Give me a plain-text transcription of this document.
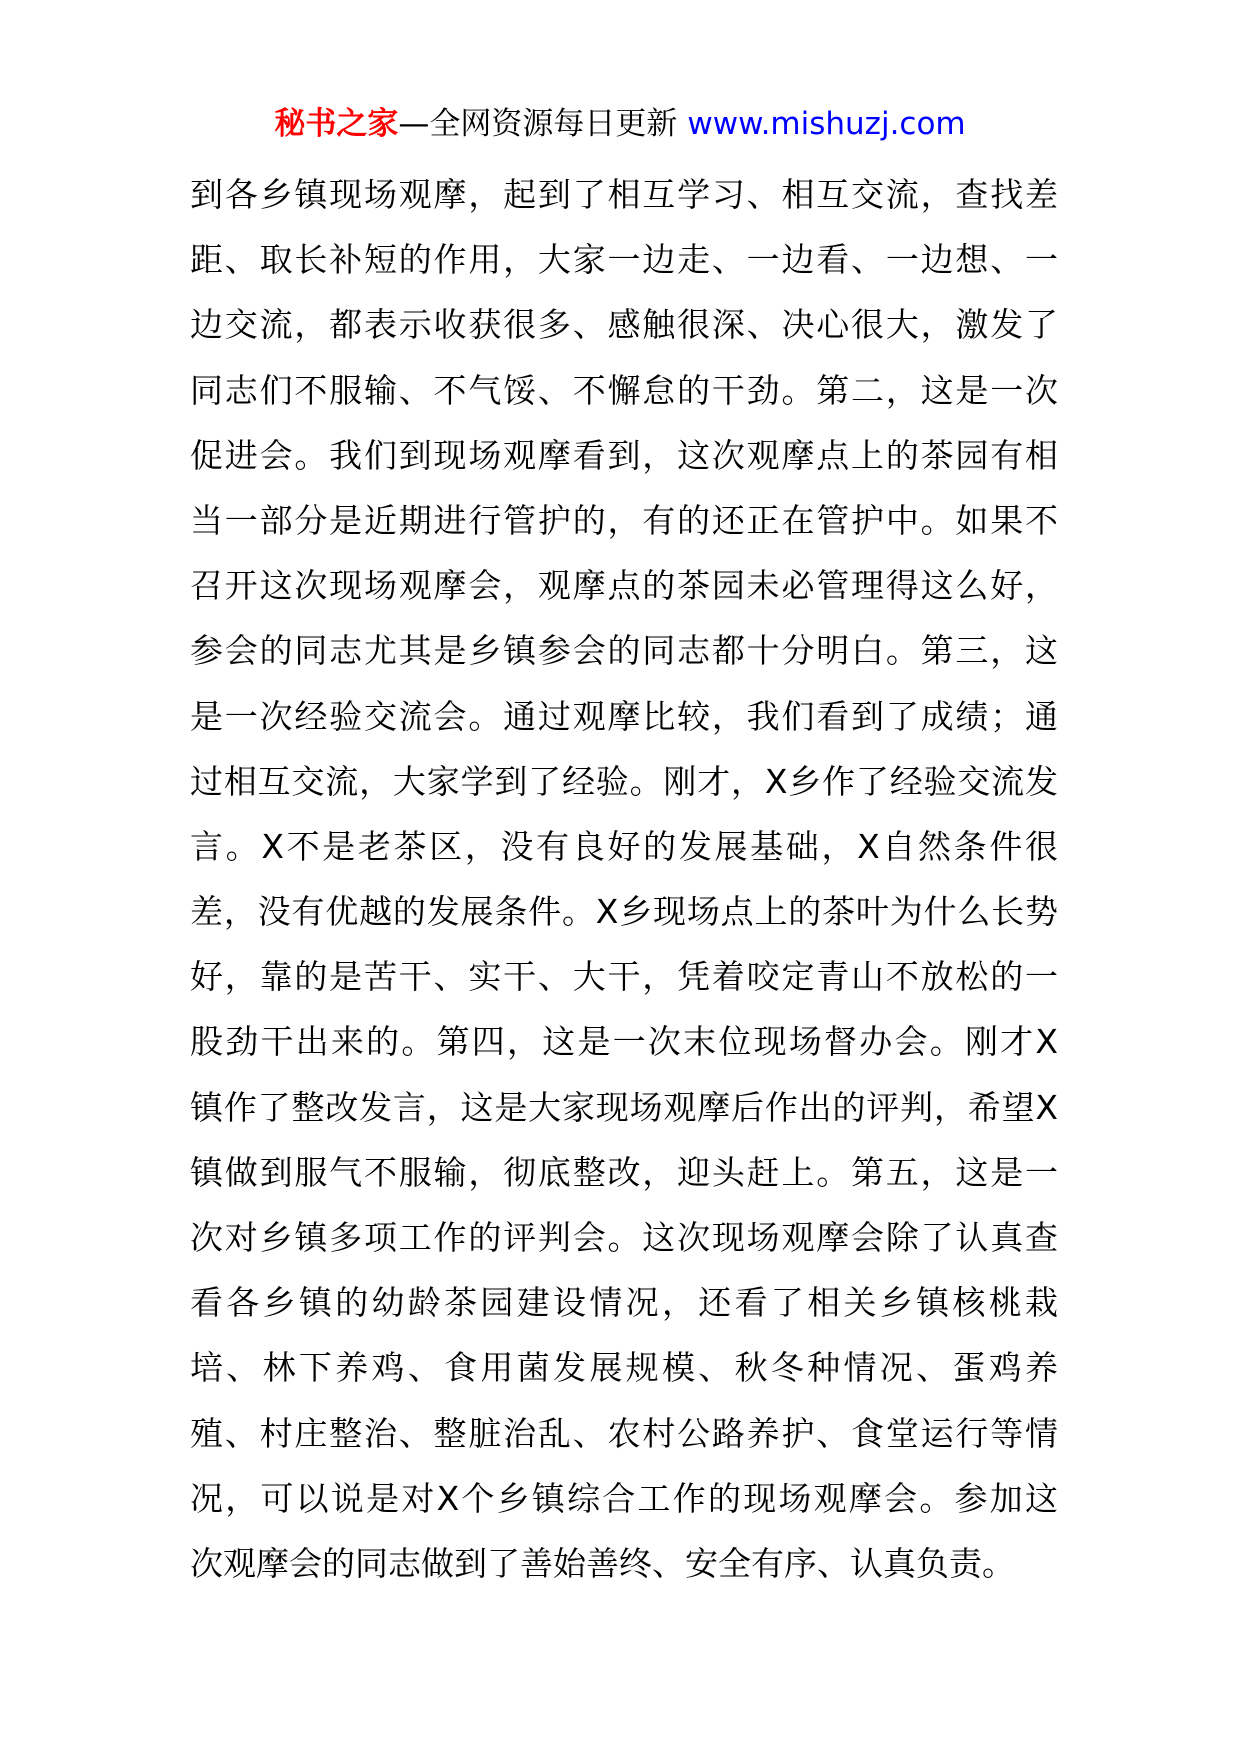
秘书之家—全网资源每日更新 www.mishuzj.com
到各乡镇现场观摩，起到了相互学习、相互交流，查找差
距、取长补短的作用，大家一边走、一边看、一边想、一
边交流，都表示收获很多、感触很深、决心很大，激发了
同志们不服输、不气馁、不懈怠的干劲。第二，这是一次
促进会。我们到现场观摩看到，这次观摩点上的茶园有相
当一部分是近期进行管护的，有的还正在管护中。如果不
召开这次现场观摩会，观摩点的茶园未必管理得这么好，
参会的同志尤其是乡镇参会的同志都十分明白。第三，这
是一次经验交流会。通过观摩比较，我们看到了成绩；通
过相互交流，大家学到了经验。刚才，X乡作了经验交流发
言。X不是老茶区，没有良好的发展基础，X自然条件很
差，没有优越的发展条件。X乡现场点上的茶叶为什么长势
好，靠的是苦干、实干、大干，凭着咬定青山不放松的一
股劲干出来的。第四，这是一次末位现场督办会。刚才X
镇作了整改发言，这是大家现场观摩后作出的评判，希望X
镇做到服气不服输，彻底整改，迎头赶上。第五，这是一
次对乡镇多项工作的评判会。这次现场观摩会除了认真查
看各乡镇的幼龄茶园建设情况，还看了相关乡镇核桃栽
培、林下养鸡、食用菌发展规模、秋冬种情况、蛋鸡养
殖、村庄整治、整脏治乱、农村公路养护、食堂运行等情
况，可以说是对X个乡镇综合工作的现场观摩会。参加这
次观摩会的同志做到了善始善终、安全有序、认真负责。
